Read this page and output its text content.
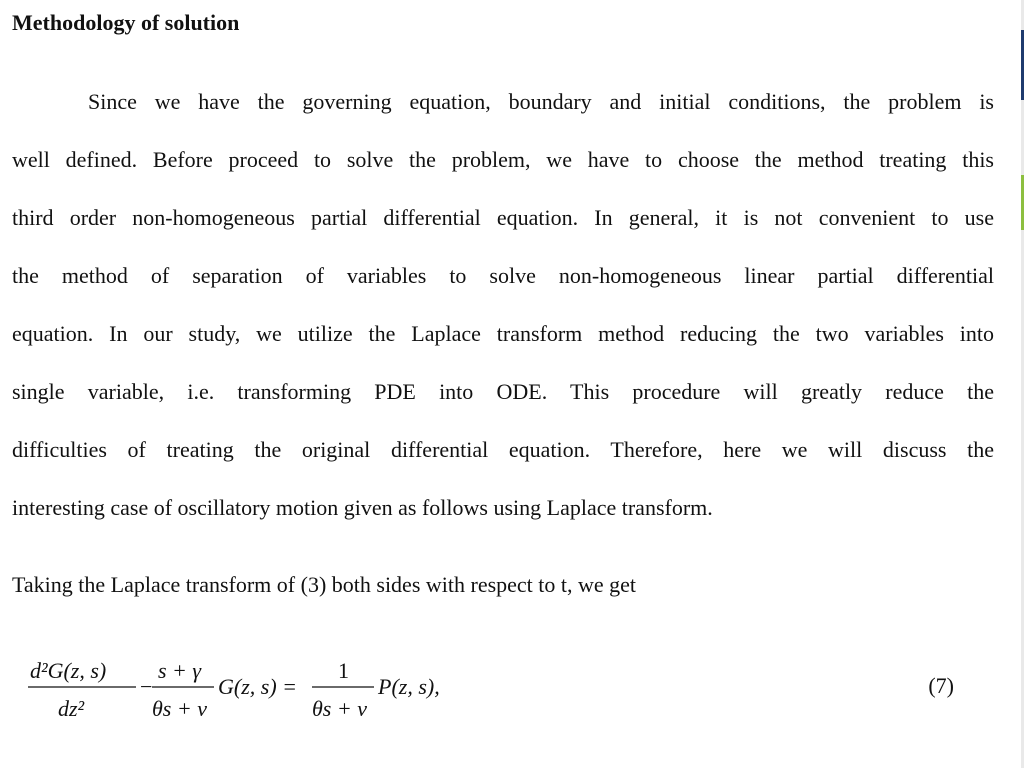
Methodology of solution
Since we have the governing equation, boundary and initial conditions, the problem is
well defined. Before proceed to solve the problem, we have to choose the method treating this
third order non-homogeneous partial differential equation. In general, it is not convenient to use
the method of separation of variables to solve non-homogeneous linear partial differential
equation. In our study, we utilize the Laplace transform method reducing the two variables into
single variable, i.e. transforming PDE into ODE. This procedure will greatly reduce the
difficulties of treating the original differential equation. Therefore, here we will discuss the
interesting case of oscillatory motion given as follows using Laplace transform.

Taking the Laplace transform of (3) both sides with respect to t, we get

d²G(z, s)
dz²
−
s + γ
θs + ν
G(z, s) =
1
θs + ν
P(z, s),	(7)
